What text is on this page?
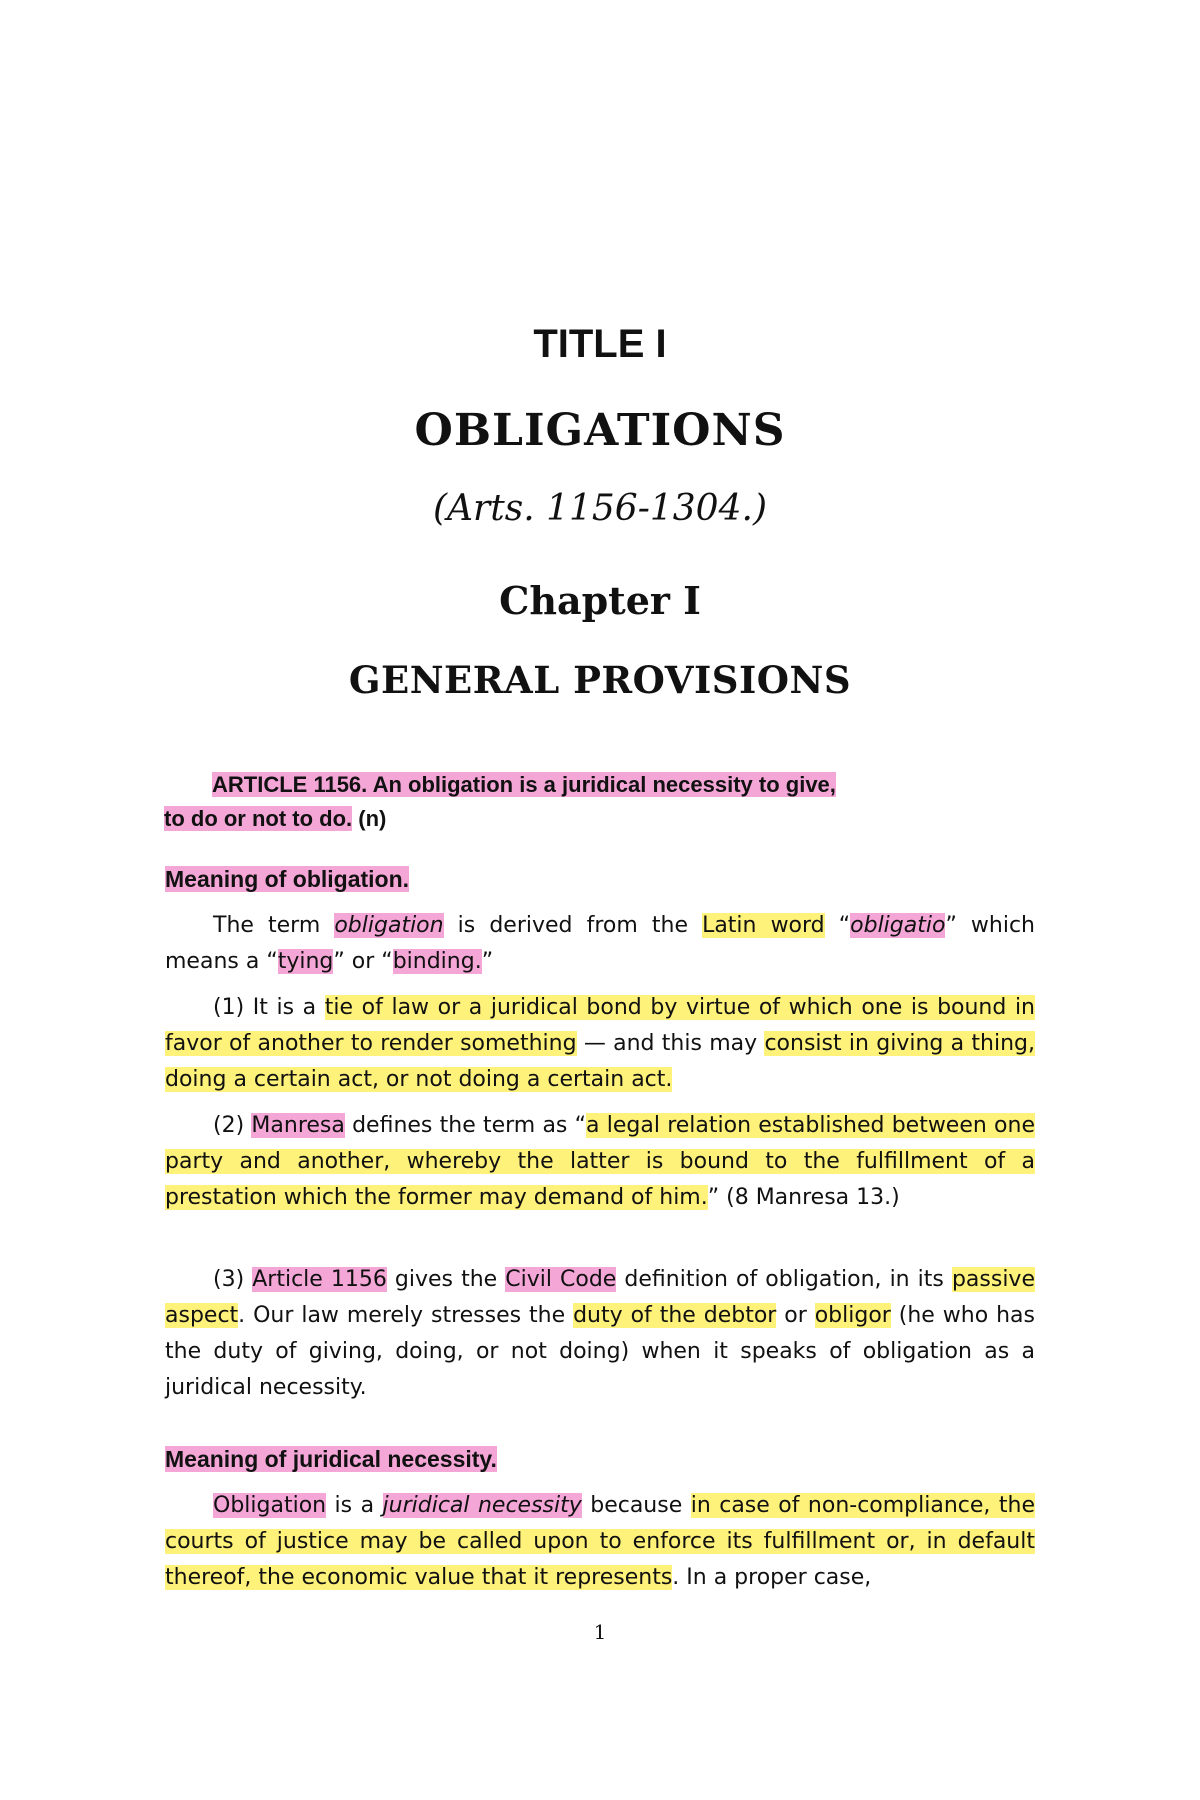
TITLE I
OBLIGATIONS
(Arts. 1156-1304.)
Chapter I
GENERAL PROVISIONS
ARTICLE 1156. An obligation is a juridical necessity to give,
to do or not to do. (n)
Meaning of obligation.

The term obligation is derived from the Latin word “obligatio” which means a “tying” or “binding.”

(1) It is a tie of law or a juridical bond by virtue of which one is bound in favor of another to render something — and this may consist in giving a thing, doing a certain act, or not doing a certain act.

(2) Manresa defines the term as “a legal relation established between one party and another, whereby the latter is bound to the fulfillment of a prestation which the former may demand of him.” (8 Manresa 13.)

(3) Article 1156 gives the Civil Code definition of obligation, in its passive aspect. Our law merely stresses the duty of the debtor or obligor (he who has the duty of giving, doing, or not doing) when it speaks of obligation as a juridical necessity.

Meaning of juridical necessity.

Obligation is a juridical necessity because in case of non-compliance, the courts of justice may be called upon to enforce its fulfillment or, in default thereof, the economic value that it represents. In a proper case,

1
